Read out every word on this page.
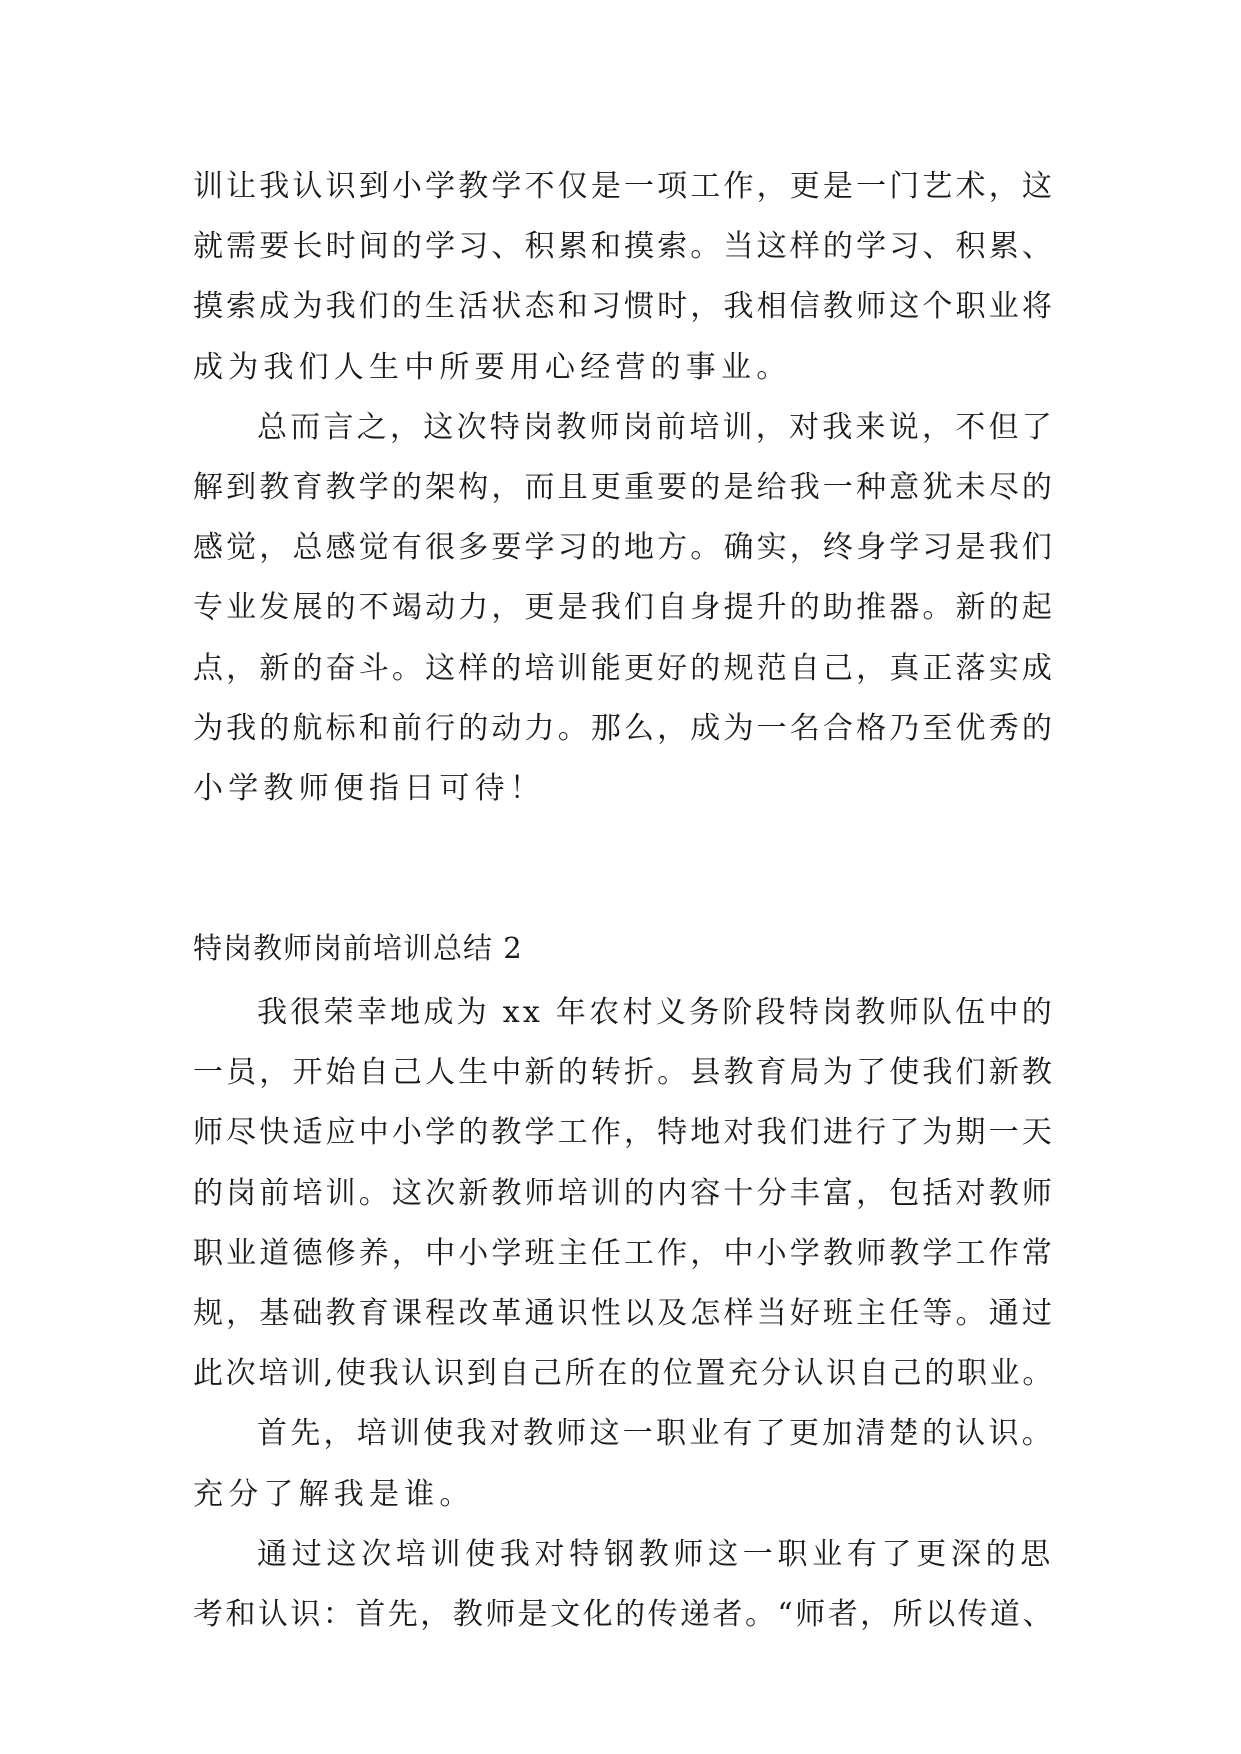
训让我认识到小学教学不仅是一项工作，更是一门艺术，这
就需要长时间的学习、积累和摸索。当这样的学习、积累、
摸索成为我们的生活状态和习惯时，我相信教师这个职业将
成为我们人生中所要用心经营的事业。
总而言之，这次特岗教师岗前培训，对我来说，不但了
解到教育教学的架构，而且更重要的是给我一种意犹未尽的
感觉，总感觉有很多要学习的地方。确实，终身学习是我们
专业发展的不竭动力，更是我们自身提升的助推器。新的起
点，新的奋斗。这样的培训能更好的规范自己，真正落实成
为我的航标和前行的动力。那么，成为一名合格乃至优秀的
小学教师便指日可待！
特岗教师岗前培训总结 2
我很荣幸地成为 xx 年农村义务阶段特岗教师队伍中的
一员，开始自己人生中新的转折。县教育局为了使我们新教
师尽快适应中小学的教学工作，特地对我们进行了为期一天
的岗前培训。这次新教师培训的内容十分丰富，包括对教师
职业道德修养，中小学班主任工作，中小学教师教学工作常
规，基础教育课程改革通识性以及怎样当好班主任等。通过
此次培训,使我认识到自己所在的位置充分认识自己的职业。
首先，培训使我对教师这一职业有了更加清楚的认识。
充分了解我是谁。
通过这次培训使我对特钢教师这一职业有了更深的思
考和认识：首先，教师是文化的传递者。“师者，所以传道、
